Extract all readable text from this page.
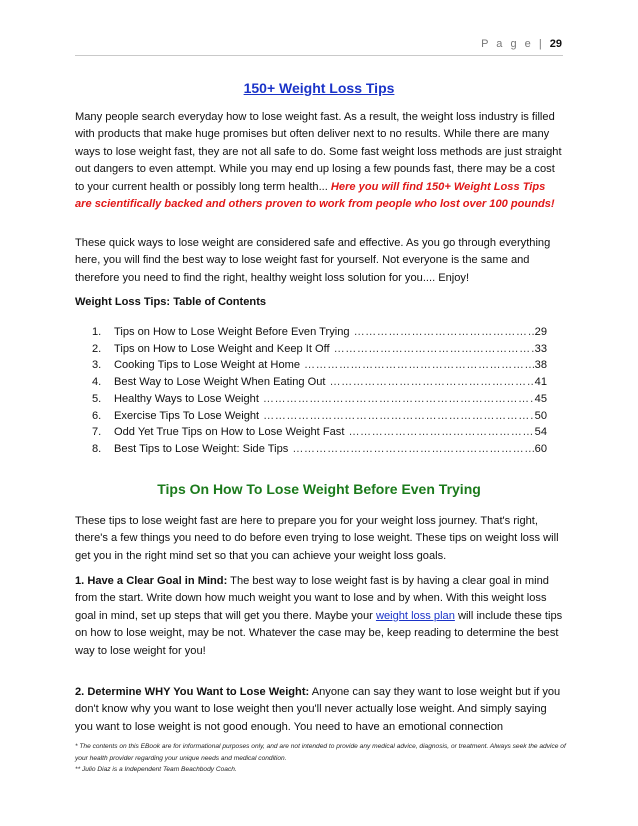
P a g e | 29
150+ Weight Loss Tips

Many people search everyday how to lose weight fast. As a result, the weight loss industry is filled with products that make huge promises but often deliver next to no results. While there are many ways to lose weight fast, they are not all safe to do. Some fast weight loss methods are just straight out dangers to even attempt. While you may end up losing a few pounds fast, there may be a cost to your current health or possibly long term health... Here you will find 150+ Weight Loss Tips are scientifically backed and others proven to work from people who lost over 100 pounds!

These quick ways to lose weight are considered safe and effective. As you go through everything here, you will find the best way to lose weight fast for yourself. Not everyone is the same and therefore you need to find the right, healthy weight loss solution for you.... Enjoy!

Weight Loss Tips: Table of Contents
1.	Tips on How to Lose Weight Before Even Trying ……………………………………………………………………………………………………………………………………	29
2.	Tips on How to Lose Weight and Keep It Off ……………………………………………………………………………………………………………………………………	33
3.	Cooking Tips to Lose Weight at Home ……………………………………………………………………………………………………………………………………	38
4.	Best Way to Lose Weight When Eating Out ……………………………………………………………………………………………………………………………………	41
5.	Healthy Ways to Lose Weight ……………………………………………………………………………………………………………………………………	45
6.	Exercise Tips To Lose Weight ……………………………………………………………………………………………………………………………………	50
7.	Odd Yet True Tips on How to Lose Weight Fast ……………………………………………………………………………………………………………………………………	54
8.	Best Tips to Lose Weight: Side Tips ……………………………………………………………………………………………………………………………………	60
Tips On How To Lose Weight Before Even Trying

These tips to lose weight fast are here to prepare you for your weight loss journey. That's right, there's a few things you need to do before even trying to lose weight. These tips on weight loss will get you in the right mind set so that you can achieve your weight loss goals.

1. Have a Clear Goal in Mind: The best way to lose weight fast is by having a clear goal in mind from the start. Write down how much weight you want to lose and by when. With this weight loss goal in mind, set up steps that will get you there. Maybe your weight loss plan will include these tips on how to lose weight, may be not. Whatever the case may be, keep reading to determine the best way to lose weight for you!

2. Determine WHY You Want to Lose Weight: Anyone can say they want to lose weight but if you don't know why you want to lose weight then you'll never actually lose weight. And simply saying you want to lose weight is not good enough. You need to have an emotional connection

* The contents on this EBook are for informational purposes only, and are not intended to provide any medical advice, diagnosis, or treatment. Always seek the advice of your health provider regarding your unique needs and medical condition.

** Julio Diaz is a Independent Team Beachbody Coach.
